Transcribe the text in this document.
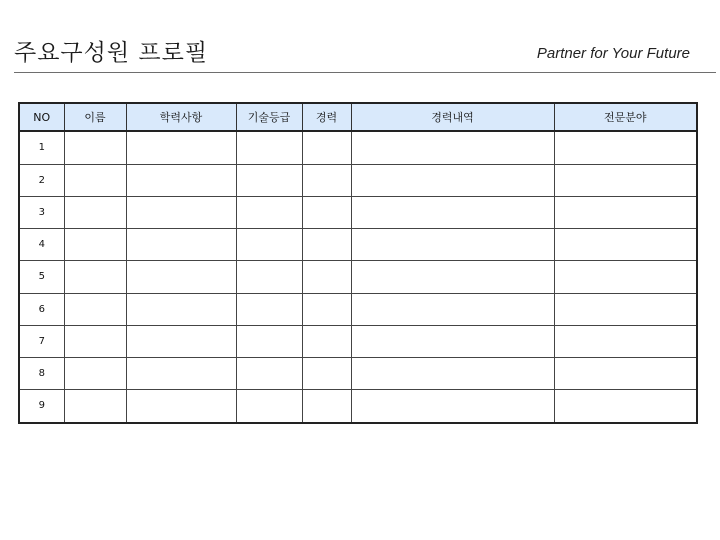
주요구성원 프로필	Partner for Your Future
NO	이름	학력사항	기술등급	경력	경력내역	전문분야
1						
2						
3						
4						
5						
6						
7						
8						
9						
